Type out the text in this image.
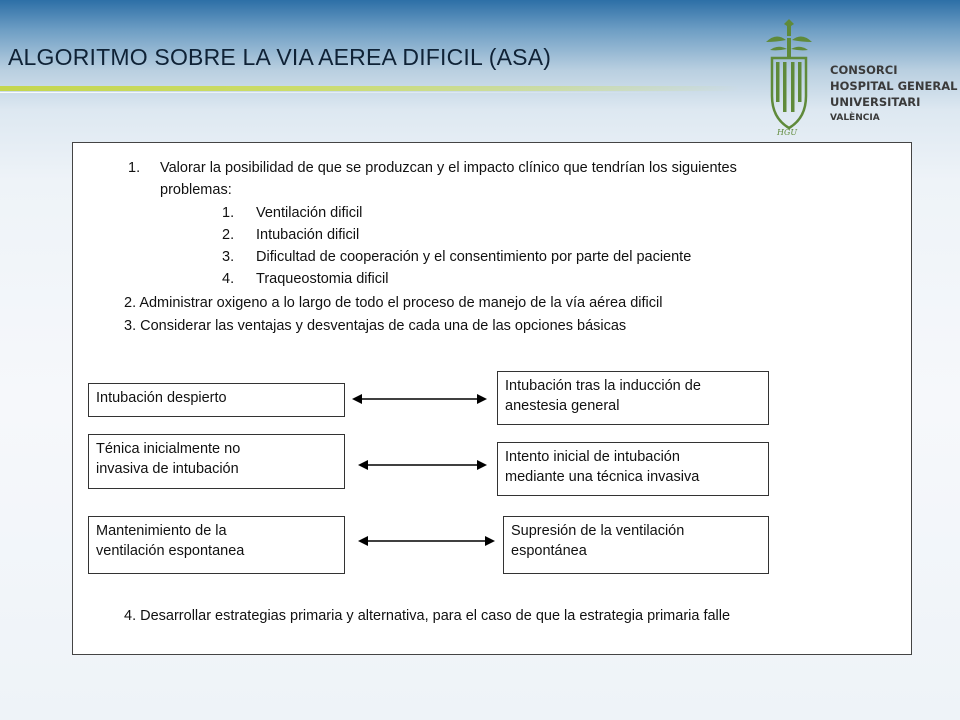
ALGORITMO SOBRE LA VIA AEREA DIFICIL (ASA)
HGU
CONSORCI
HOSPITAL GENERAL
UNIVERSITARI
VALÈNCIA
1. Valorar la posibilidad de que se produzcan y el impacto clínico que tendrían los siguientes
problemas:
1. Ventilación dificil
2. Intubación dificil
3. Dificultad de cooperación y el consentimiento por parte del paciente
4. Traqueostomia dificil
2. Administrar oxigeno a lo largo de todo el proceso de manejo de la vía aérea dificil
3. Considerar las ventajas y desventajas de cada una de las opciones básicas
Intubación despierto
Intubación tras la inducción de
anestesia general
Ténica inicialmente no
invasiva de intubación
Intento inicial de intubación
mediante una técnica invasiva
Mantenimiento de la
ventilación espontanea
Supresión de la ventilación
espontánea
4. Desarrollar estrategias primaria y alternativa, para el caso de que la estrategia primaria falle
